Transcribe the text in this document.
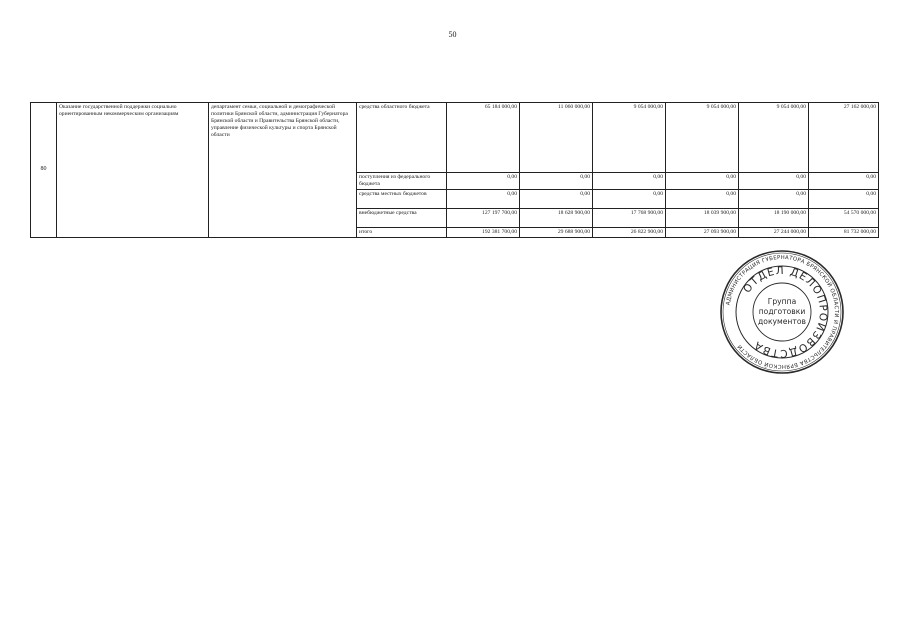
50
80	Оказание государственной поддержки социально ориентированным некоммерческим организациям	департамент семьи, социальной и демографической политики Брянской области, администрация Губернатора Брянской области и Правительства Брянской области, управление физической культуры и спорта Брянской области	средства областного бюджета	65 184 000,00	11 060 000,00	9 054 000,00	9 054 000,00	9 054 000,00	27 162 000,00
			поступления из федерального бюджета	0,00	0,00	0,00	0,00	0,00	0,00
			средства местных бюджетов	0,00	0,00	0,00	0,00	0,00	0,00
			внебюджетные средства	127 197 700,00	18 628 900,00	17 768 900,00	18 039 900,00	18 190 000,00	54 570 000,00
			итого	192 381 700,00	29 688 900,00	26 822 900,00	27 093 900,00	27 244 000,00	81 732 000,00
АДМИНИСТРАЦИЯ ГУБЕРНАТОРА БРЯНСКОЙ ОБЛАСТИ И ПРАВИТЕЛЬСТВА БРЯНСКОЙ ОБЛАСТИ
ОТДЕЛ ДЕЛОПРОИЗВОДСТВА
Группа
подготовки
документов
